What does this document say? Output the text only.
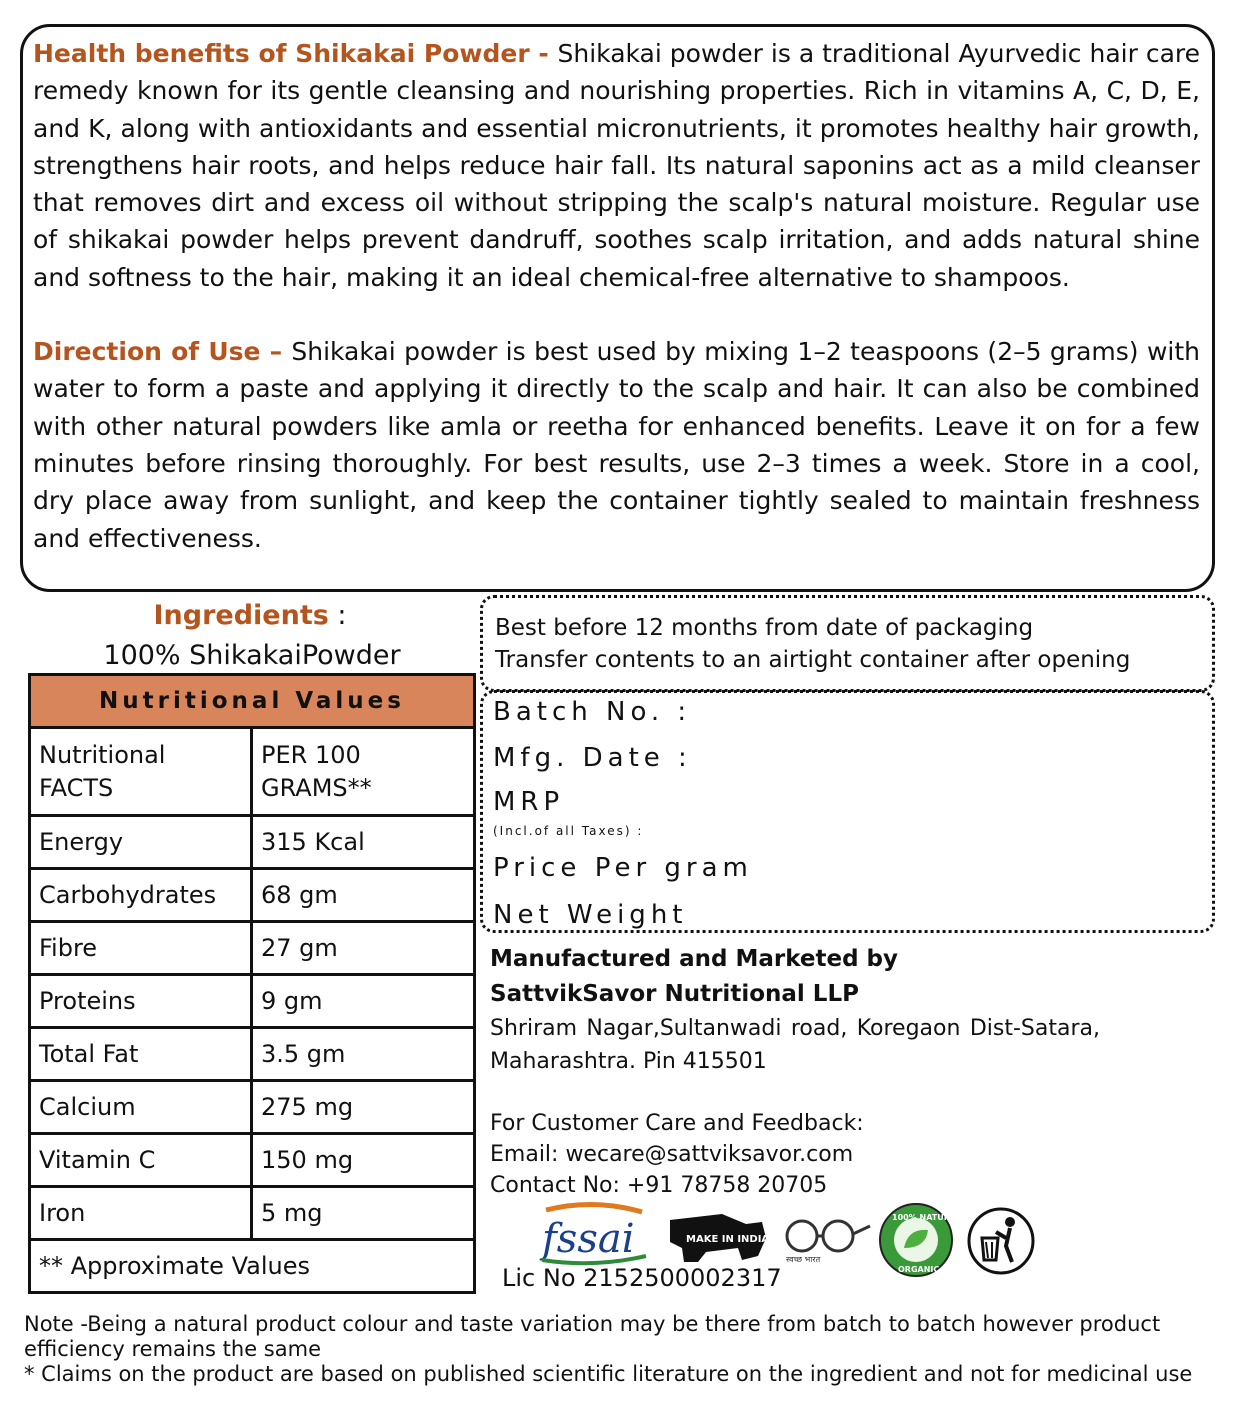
Health benefits of Shikakai Powder - Shikakai powder is a traditional Ayurvedic hair care remedy known for its gentle cleansing and nourishing properties. Rich in vitamins A, C, D, E, and K, along with antioxidants and essential micronutrients, it promotes healthy hair growth, strengthens hair roots, and helps reduce hair fall. Its natural saponins act as a mild cleanser that removes dirt and excess oil without stripping the scalp's natural moisture. Regular use of shikakai powder helps prevent dandruff, soothes scalp irritation, and adds natural shine and softness to the hair, making it an ideal chemical-free alternative to shampoos.

Direction of Use – Shikakai powder is best used by mixing 1–2 teaspoons (2–5 grams) with water to form a paste and applying it directly to the scalp and hair. It can also be combined with other natural powders like amla or reetha for enhanced benefits. Leave it on for a few minutes before rinsing thoroughly. For best results, use 2–3 times a week. Store in a cool, dry place away from sunlight, and keep the container tightly sealed to maintain freshness and effectiveness.

Ingredients :
100% ShikakaiPowder
Nutritional Values	
Nutritional FACTS	PER 100 GRAMS**
Energy	315 Kcal
Carbohydrates	68 gm
Fibre	27 gm
Proteins	9 gm
Total Fat	3.5 gm
Calcium	275 mg
Vitamin C	150 mg
Iron	5 mg
** Approximate Values	
Best before 12 months from date of packaging
Transfer contents to an airtight container after opening
Batch No. :
Mfg. Date :
MRP
(Incl.of all Taxes) :
Price Per gram
Net Weight
Manufactured and Marketed by
SattvikSavor Nutritional LLP
Shriram Nagar,Sultanwadi road, Koregaon Dist-Satara, Maharashtra. Pin 415501
For Customer Care and Feedback:
Email: wecare@sattviksavor.com
Contact No: +91 78758 20705
fssai	MAKE IN INDIA
स्वच्छ भारत
100% NATURAL
ORGANIC
Lic No 2152500002317
Note -Being a natural product colour and taste variation may be there from batch to batch however product efficiency remains the same
* Claims on the product are based on published scientific literature on the ingredient and not for medicinal use
